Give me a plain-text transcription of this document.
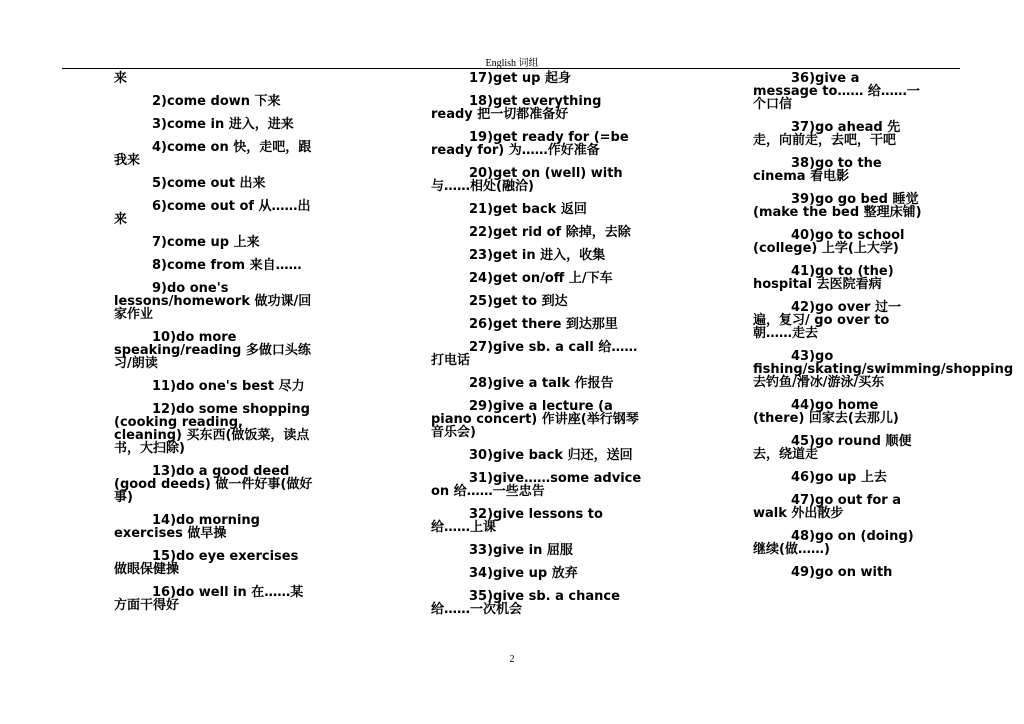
English 词组
来
2)come down 下来
3)come in 进入，进来
4)come on 快，走吧，跟我来
5)come out 出来
6)come out of 从……出来
7)come up 上来
8)come from 来自……
9)do one's lessons/homework 做功课/回家作业
10)do more speaking/reading 多做口头练习/朗读
11)do one's best 尽力
12)do some shopping (cooking reading, cleaning) 买东西(做饭菜，读点书，大扫除)
13)do a good deed (good deeds) 做一件好事(做好事)
14)do morning exercises 做早操
15)do eye exercises 做眼保健操
16)do well in 在……某方面干得好
17)get up 起身
18)get everything ready 把一切都准备好
19)get ready for (=be ready for) 为……作好准备
20)get on (well) with 与……相处(融洽)
21)get back 返回
22)get rid of 除掉，去除
23)get in 进入，收集
24)get on/off 上/下车
25)get to 到达
26)get there 到达那里
27)give sb. a call 给……打电话
28)give a talk 作报告
29)give a lecture (a piano concert) 作讲座(举行钢琴音乐会)
30)give back 归还，送回
31)give……some advice on 给……一些忠告
32)give lessons to 给……上课
33)give in 屈服
34)give up 放弃
35)give sb. a chance 给……一次机会
36)give a message to…… 给……一个口信
37)go ahead 先走，向前走，去吧，干吧
38)go to the cinema 看电影
39)go go bed 睡觉(make the bed 整理床铺)
40)go to school (college) 上学(上大学)
41)go to (the) hospital 去医院看病
42)go over 过一遍，复习/ go over to 朝……走去
43)go fishing/skating/swimming/shopping 去钓鱼/滑冰/游泳/买东
44)go home (there) 回家去(去那儿)
45)go round 顺便去，绕道走
46)go up 上去
47)go out for a walk 外出散步
48)go on (doing) 继续(做……)
49)go on with
2
